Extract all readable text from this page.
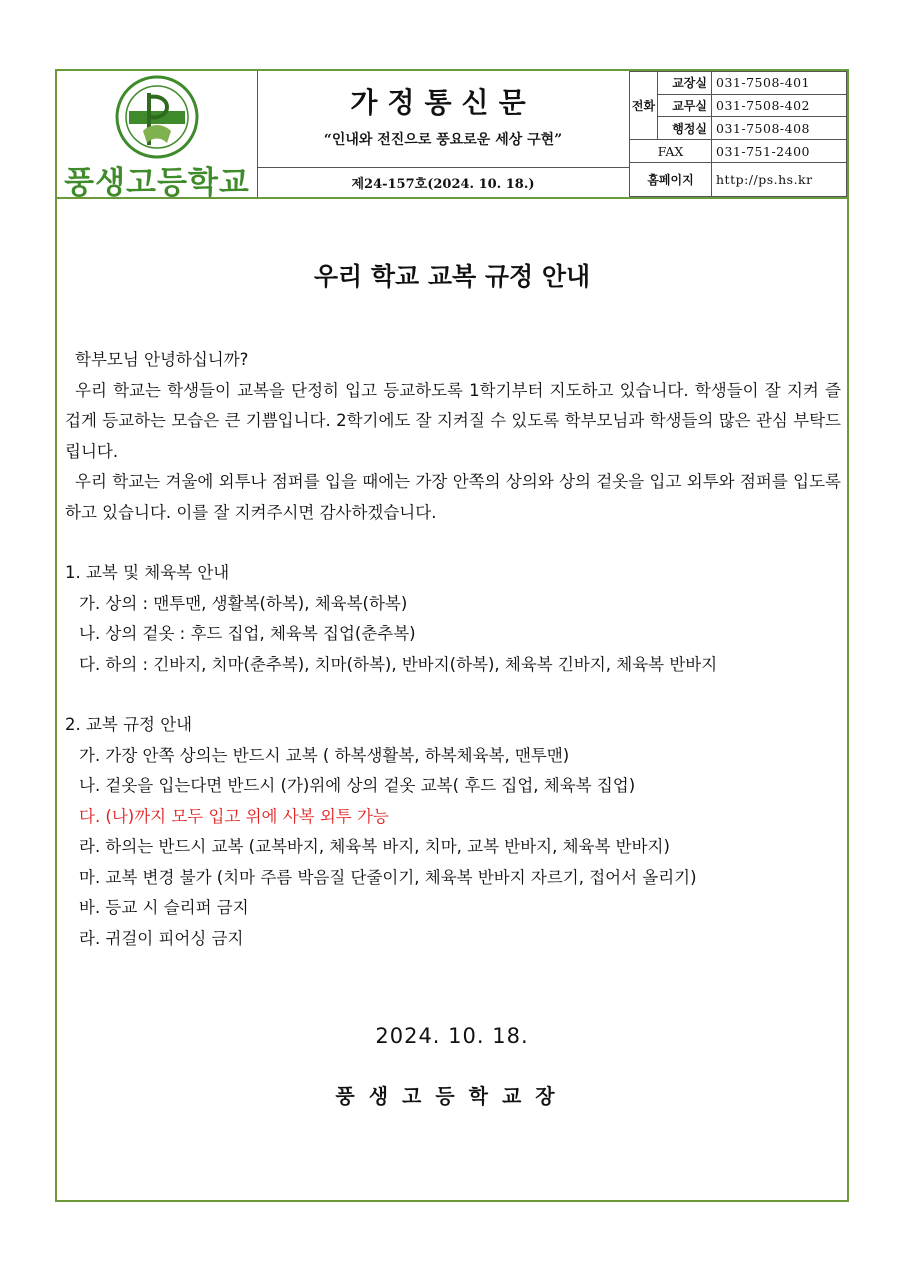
풍생고등학교
가정통신문
“인내와 전진으로 풍요로운 세상 구현”
제24-157호(2024. 10. 18.)
전화	교장실	031-7508-401
	교무실	031-7508-402
	행정실	031-7508-408
FAX		031-751-2400
홈페이지		http://ps.hs.kr
우리 학교 교복 규정 안내

학부모님 안녕하십니까?

우리 학교는 학생들이 교복을 단정히 입고 등교하도록 1학기부터 지도하고 있습니다. 학생들이 잘 지켜 즐겁게 등교하는 모습은 큰 기쁨입니다. 2학기에도 잘 지켜질 수 있도록 학부모님과 학생들의 많은 관심 부탁드립니다.

우리 학교는 겨울에 외투나 점퍼를 입을 때에는 가장 안쪽의 상의와 상의 겉옷을 입고 외투와 점퍼를 입도록 하고 있습니다. 이를 잘 지켜주시면 감사하겠습니다.

1. 교복 및 체육복 안내

가. 상의 : 맨투맨, 생활복(하복), 체육복(하복)

나. 상의 겉옷 : 후드 집업, 체육복 집업(춘추복)

다. 하의 : 긴바지, 치마(춘추복), 치마(하복), 반바지(하복), 체육복 긴바지, 체육복 반바지

2. 교복 규정 안내

가. 가장 안쪽 상의는 반드시 교복 ( 하복생활복, 하복체육복, 맨투맨)

나. 겉옷을 입는다면 반드시 (가)위에 상의 겉옷 교복( 후드 집업, 체육복 집업)

다. (나)까지 모두 입고 위에 사복 외투 가능

라. 하의는 반드시 교복 (교복바지, 체육복 바지, 치마, 교복 반바지, 체육복 반바지)

마. 교복 변경 불가 (치마 주름 박음질 단줄이기, 체육복 반바지 자르기, 접어서 올리기)

바. 등교 시 슬리퍼 금지

라. 귀걸이 피어싱 금지

2024. 10. 18.
풍생고등학교장
